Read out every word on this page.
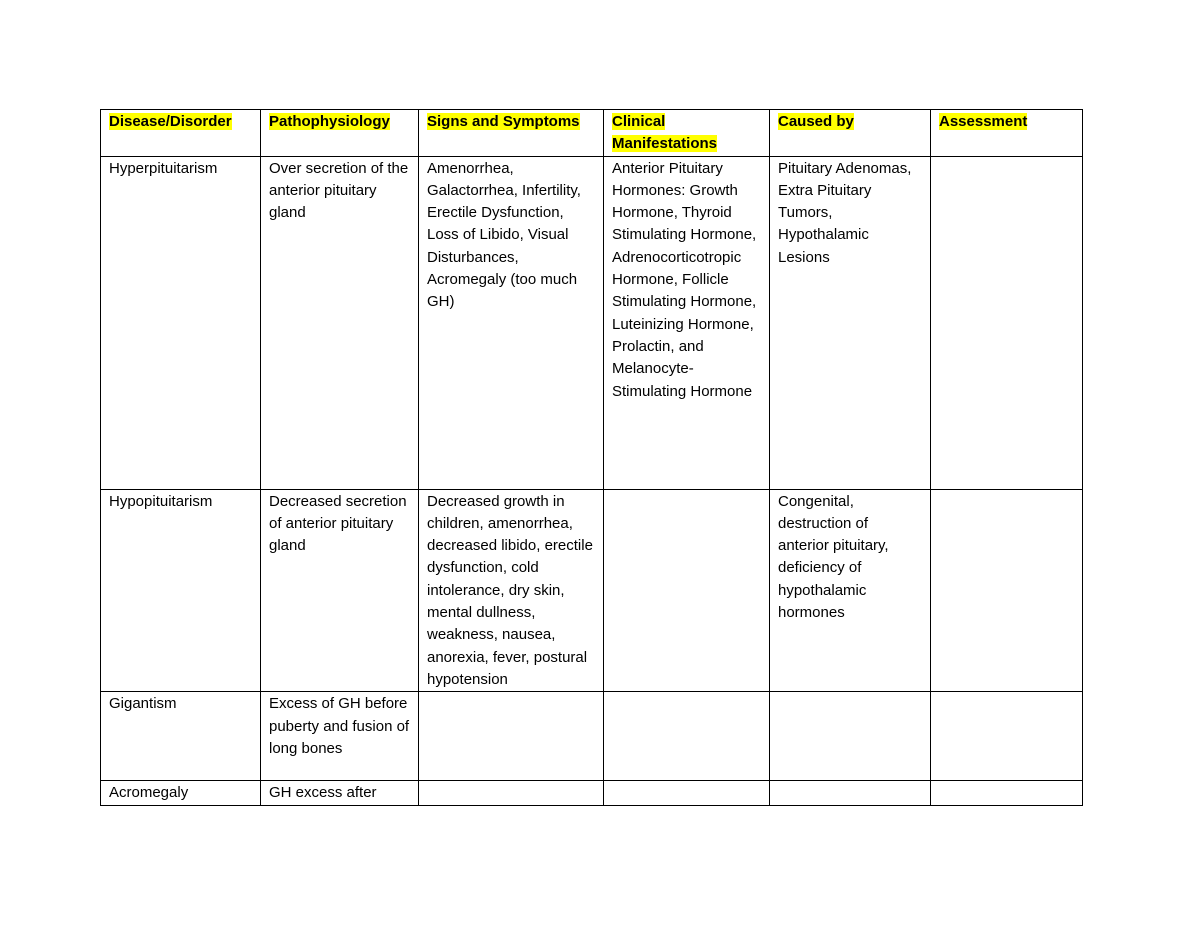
Disease/Disorder	Pathophysiology	Signs and Symptoms	Clinical Manifestations	Caused by	Assessment
Hyperpituitarism	Over secretion of the anterior pituitary gland	Amenorrhea, Galactorrhea, Infertility, Erectile Dysfunction, Loss of Libido, Visual Disturbances, Acromegaly (too much GH)	Anterior Pituitary Hormones: Growth Hormone, Thyroid Stimulating Hormone, Adrenocorticotropic Hormone, Follicle Stimulating Hormone, Luteinizing Hormone, Prolactin, and Melanocyte-Stimulating Hormone	Pituitary Adenomas, Extra Pituitary Tumors, Hypothalamic Lesions	
Hypopituitarism	Decreased secretion of anterior pituitary gland	Decreased growth in children, amenorrhea, decreased libido, erectile dysfunction, cold intolerance, dry skin, mental dullness, weakness, nausea, anorexia, fever, postural hypotension		Congenital, destruction of anterior pituitary, deficiency of hypothalamic hormones	
Gigantism	Excess of GH before puberty and fusion of long bones				
Acromegaly	GH excess after				
